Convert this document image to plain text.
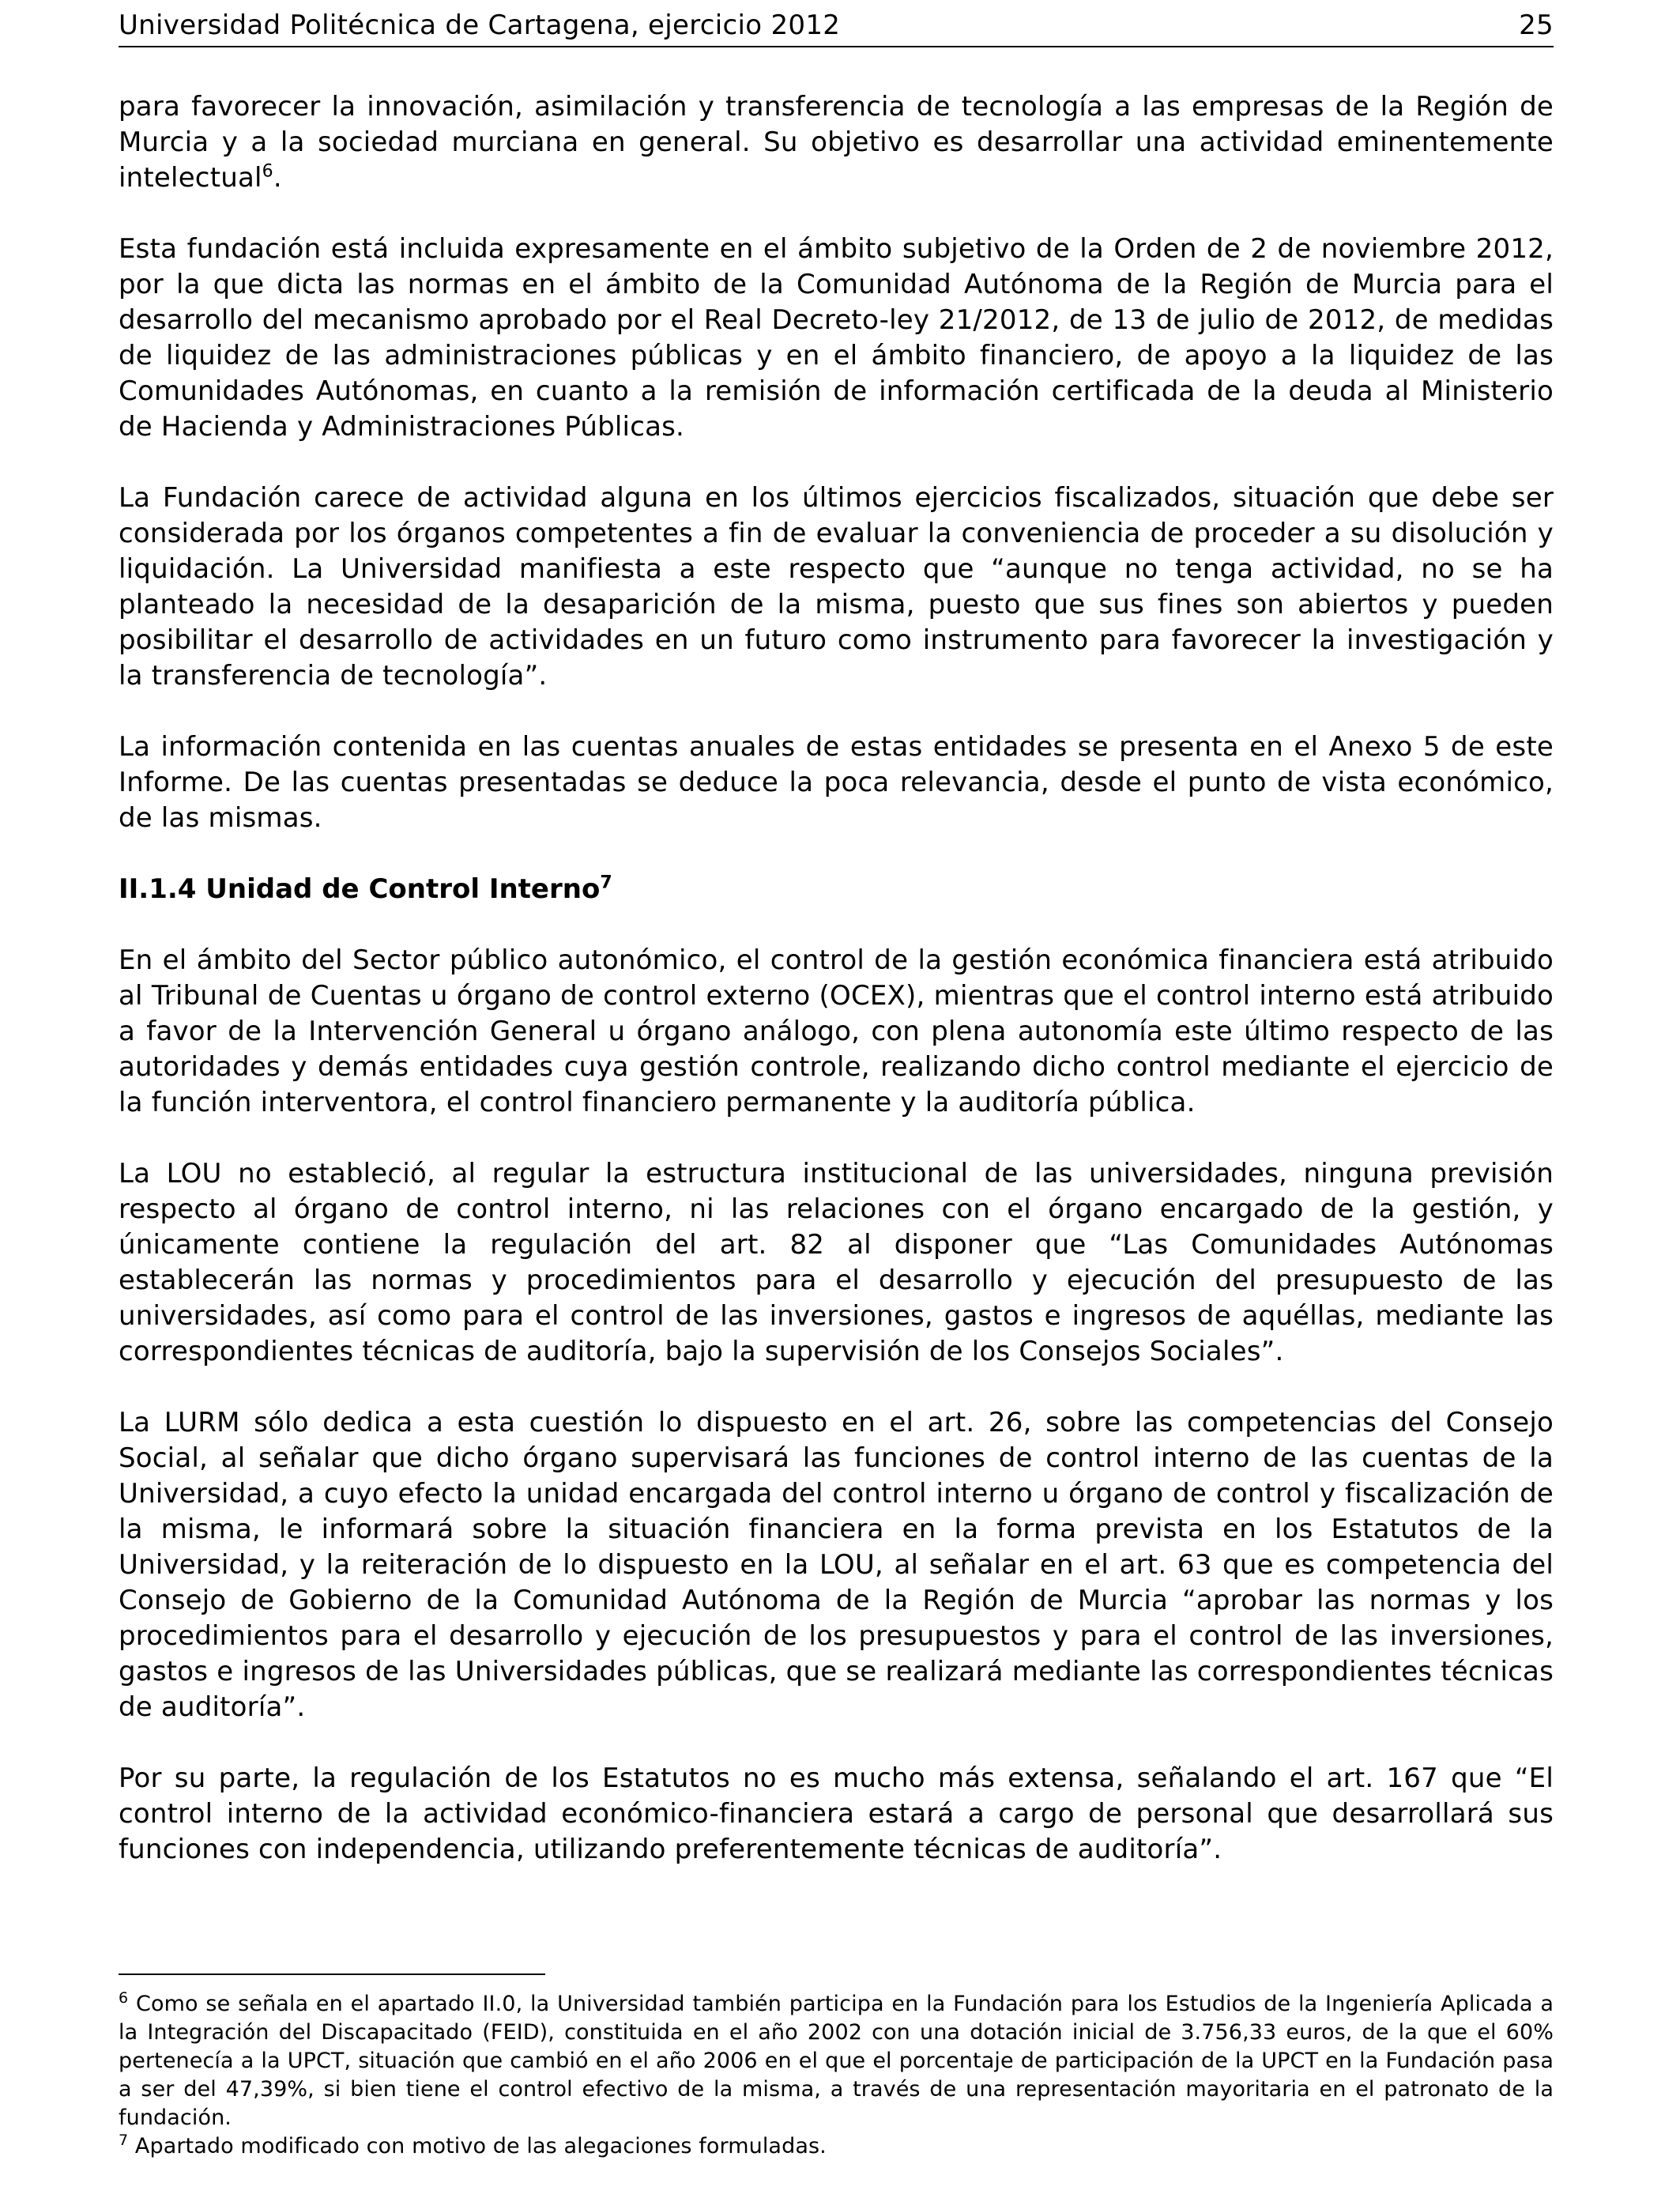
Universidad Politécnica de Cartagena, ejercicio 2012	25

para favorecer la innovación, asimilación y transferencia de tecnología a las empresas de la Región de Murcia y a la sociedad murciana en general. Su objetivo es desarrollar una actividad eminentemente intelectual$^6$.

Esta fundación está incluida expresamente en el ámbito subjetivo de la Orden de 2 de noviembre 2012, por la que dicta las normas en el ámbito de la Comunidad Autónoma de la Región de Murcia para el desarrollo del mecanismo aprobado por el Real Decreto-ley 21/2012, de 13 de julio de 2012, de medidas de liquidez de las administraciones públicas y en el ámbito financiero, de apoyo a la liquidez de las Comunidades Autónomas, en cuanto a la remisión de información certificada de la deuda al Ministerio de Hacienda y Administraciones Públicas.

La Fundación carece de actividad alguna en los últimos ejercicios fiscalizados, situación que debe ser considerada por los órganos competentes a fin de evaluar la conveniencia de proceder a su disolución y liquidación. La Universidad manifiesta a este respecto que “aunque no tenga actividad, no se ha planteado la necesidad de la desaparición de la misma, puesto que sus fines son abiertos y pueden posibilitar el desarrollo de actividades en un futuro como instrumento para favorecer la investigación y la transferencia de tecnología”.

La información contenida en las cuentas anuales de estas entidades se presenta en el Anexo 5 de este Informe. De las cuentas presentadas se deduce la poca relevancia, desde el punto de vista económico, de las mismas.

II.1.4 Unidad de Control Interno$^7$

En el ámbito del Sector público autonómico, el control de la gestión económica financiera está atribuido al Tribunal de Cuentas u órgano de control externo (OCEX), mientras que el control interno está atribuido a favor de la Intervención General u órgano análogo, con plena autonomía este último respecto de las autoridades y demás entidades cuya gestión controle, realizando dicho control mediante el ejercicio de la función interventora, el control financiero permanente y la auditoría pública.

La LOU no estableció, al regular la estructura institucional de las universidades, ninguna previsión respecto al órgano de control interno, ni las relaciones con el órgano encargado de la gestión, y únicamente contiene la regulación del art. 82 al disponer que “Las Comunidades Autónomas establecerán las normas y procedimientos para el desarrollo y ejecución del presupuesto de las universidades, así como para el control de las inversiones, gastos e ingresos de aquéllas, mediante las correspondientes técnicas de auditoría, bajo la supervisión de los Consejos Sociales”.

La LURM sólo dedica a esta cuestión lo dispuesto en el art. 26, sobre las competencias del Consejo Social, al señalar que dicho órgano supervisará las funciones de control interno de las cuentas de la Universidad, a cuyo efecto la unidad encargada del control interno u órgano de control y fiscalización de la misma, le informará sobre la situación financiera en la forma prevista en los Estatutos de la Universidad, y la reiteración de lo dispuesto en la LOU, al señalar en el art. 63 que es competencia del Consejo de Gobierno de la Comunidad Autónoma de la Región de Murcia “aprobar las normas y los procedimientos para el desarrollo y ejecución de los presupuestos y para el control de las inversiones, gastos e ingresos de las Universidades públicas, que se realizará mediante las correspondientes técnicas de auditoría”.

Por su parte, la regulación de los Estatutos no es mucho más extensa, señalando el art. 167 que “El control interno de la actividad económico-financiera estará a cargo de personal que desarrollará sus funciones con independencia, utilizando preferentemente técnicas de auditoría”.

$^6$ Como se señala en el apartado II.0, la Universidad también participa en la Fundación para los Estudios de la Ingeniería Aplicada a la Integración del Discapacitado (FEID), constituida en el año 2002 con una dotación inicial de 3.756,33 euros, de la que el 60% pertenecía a la UPCT, situación que cambió en el año 2006 en el que el porcentaje de participación de la UPCT en la Fundación pasa a ser del 47,39%, si bien tiene el control efectivo de la misma, a través de una representación mayoritaria en el patronato de la fundación.

$^7$ Apartado modificado con motivo de las alegaciones formuladas.
